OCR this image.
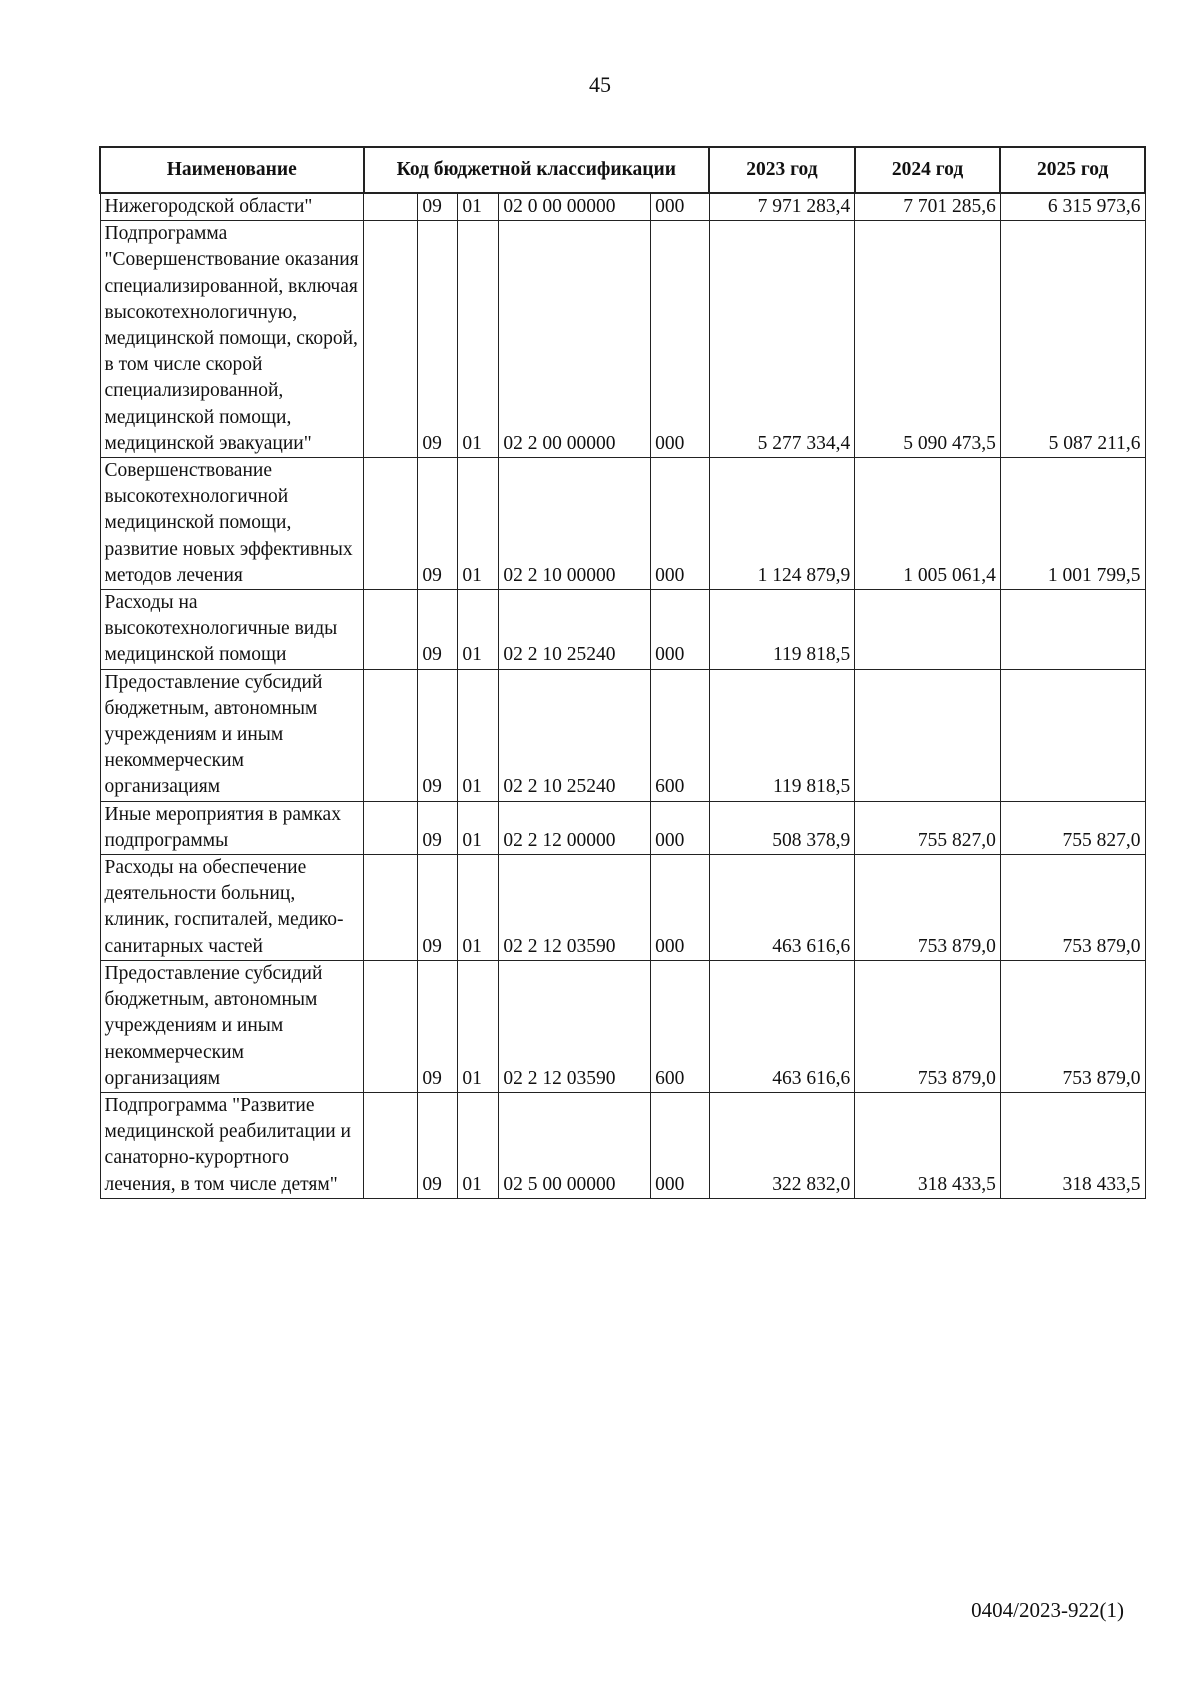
45
Наименование	Код бюджетной классификации					2023 год	2024 год	2025 год
Нижегородской области"		09	01	02 0 00 00000	000	7 971 283,4	7 701 285,6	6 315 973,6
Подпрограмма "Совершенствование оказания специализированной, включая высокотехнологичную, медицинской помощи, скорой, в том числе скорой специализированной, медицинской помощи, медицинской эвакуации"		09	01	02 2 00 00000	000	5 277 334,4	5 090 473,5	5 087 211,6
Совершенствование высокотехнологичной медицинской помощи, развитие новых эффективных методов лечения		09	01	02 2 10 00000	000	1 124 879,9	1 005 061,4	1 001 799,5
Расходы на высокотехнологичные виды медицинской помощи		09	01	02 2 10 25240	000	119 818,5		
Предоставление субсидий бюджетным, автономным учреждениям и иным некоммерческим организациям		09	01	02 2 10 25240	600	119 818,5		
Иные мероприятия в рамках подпрограммы		09	01	02 2 12 00000	000	508 378,9	755 827,0	755 827,0
Расходы на обеспечение деятельности больниц, клиник, госпиталей, медико-санитарных частей		09	01	02 2 12 03590	000	463 616,6	753 879,0	753 879,0
Предоставление субсидий бюджетным, автономным учреждениям и иным некоммерческим организациям		09	01	02 2 12 03590	600	463 616,6	753 879,0	753 879,0
Подпрограмма "Развитие медицинской реабилитации и санаторно-курортного лечения, в том числе детям"		09	01	02 5 00 00000	000	322 832,0	318 433,5	318 433,5
0404/2023-922(1)
